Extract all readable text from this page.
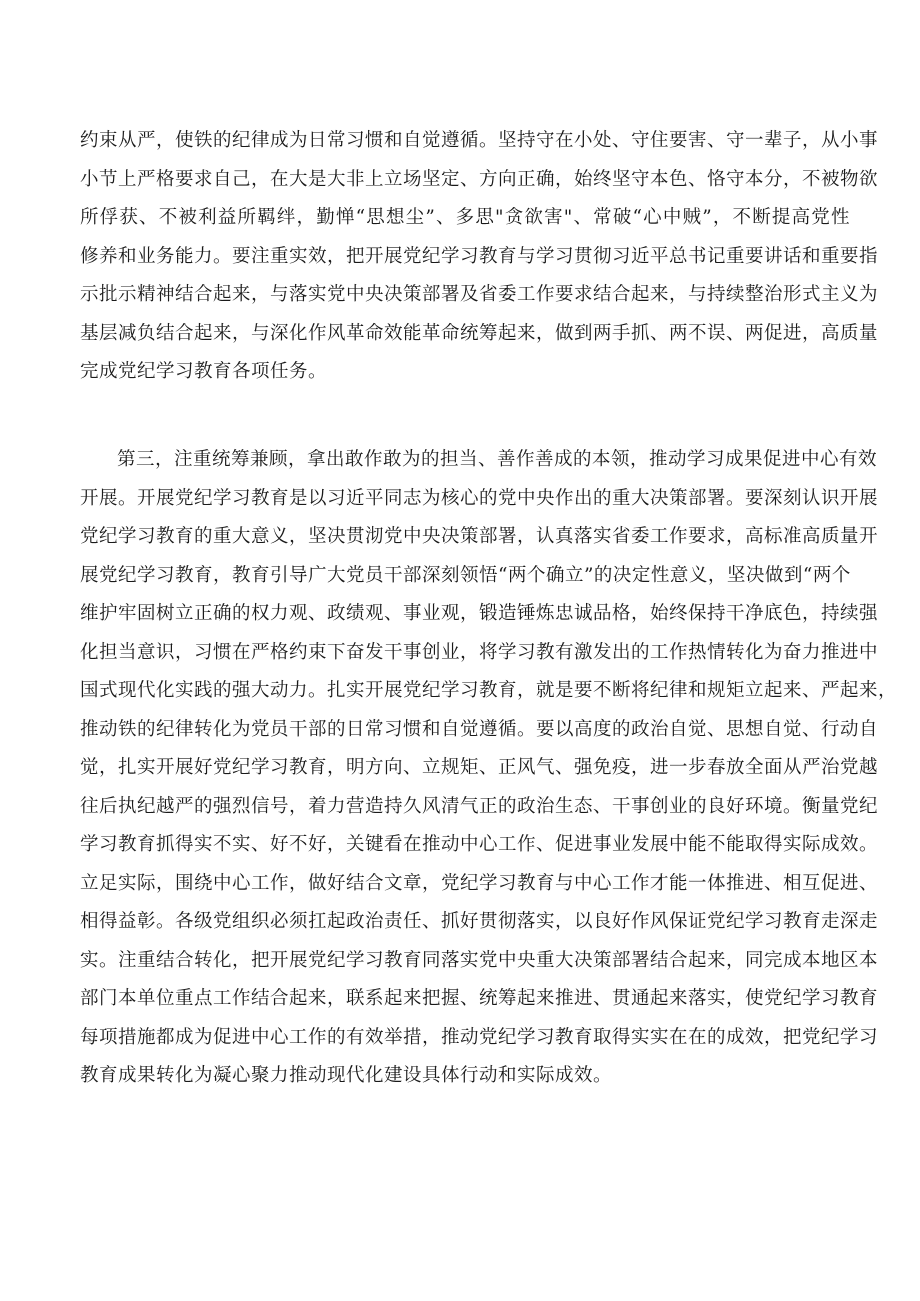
约束从严，使铁的纪律成为日常习惯和自觉遵循。坚持守在小处、守住要害、守一辈子，从小事
小节上严格要求自己，在大是大非上立场坚定、方向正确，始终坚守本色、恪守本分，不被物欲
所俘获、不被利益所羁绊，勤惮“思想尘”、多思"贪欲害"、常破“心中贼”，不断提高党性
修养和业务能力。要注重实效，把开展党纪学习教育与学习贯彻习近平总书记重要讲话和重要指
示批示精神结合起来，与落实党中央决策部署及省委工作要求结合起来，与持续整治形式主义为
基层减负结合起来，与深化作风革命效能革命统筹起来，做到两手抓、两不误、两促进，高质量
完成党纪学习教育各项任务。
第三，注重统筹兼顾，拿出敢作敢为的担当、善作善成的本领，推动学习成果促进中心有效
开展。开展党纪学习教育是以习近平同志为核心的党中央作出的重大决策部署。要深刻认识开展
党纪学习教育的重大意义，坚决贯沏党中央决策部署，认真落实省委工作要求，高标准高质量开
展党纪学习教育，教育引导广大党员干部深刻领悟“两个确立”的决定性意义，坚决做到“两个
维护牢固树立正确的权力观、政绩观、事业观，锻造锤炼忠诚品格，始终保持干净底色，持续强
化担当意识，习惯在严格约束下奋发干事创业，将学习教有激发出的工作热情转化为奋力推进中
国式现代化实践的强大动力。扎实开展党纪学习教育，就是要不断将纪律和规矩立起来、严起来，
推动铁的纪律转化为党员干部的日常习惯和自觉遵循。要以高度的政治自觉、思想自觉、行动自
觉，扎实开展好党纪学习教育，明方向、立规矩、正风气、强免疫，进一步春放全面从严治党越
往后执纪越严的强烈信号，着力营造持久风清气正的政治生态、干事创业的良好环境。衡量党纪
学习教育抓得实不实、好不好，关键看在推动中心工作、促进事业发展中能不能取得实际成效。
立足实际，围绕中心工作，做好结合文章，党纪学习教育与中心工作才能一体推进、相互促进、
相得益彰。各级党组织必须扛起政治责任、抓好贯彻落实，以良好作风保证党纪学习教育走深走
实。注重结合转化，把开展党纪学习教育同落实党中央重大决策部署结合起来，同完成本地区本
部门本单位重点工作结合起来，联系起来把握、统筹起来推进、贯通起来落实，使党纪学习教育
每项措施都成为促进中心工作的有效举措，推动党纪学习教育取得实实在在的成效，把党纪学习
教育成果转化为凝心聚力推动现代化建设具体行动和实际成效。
